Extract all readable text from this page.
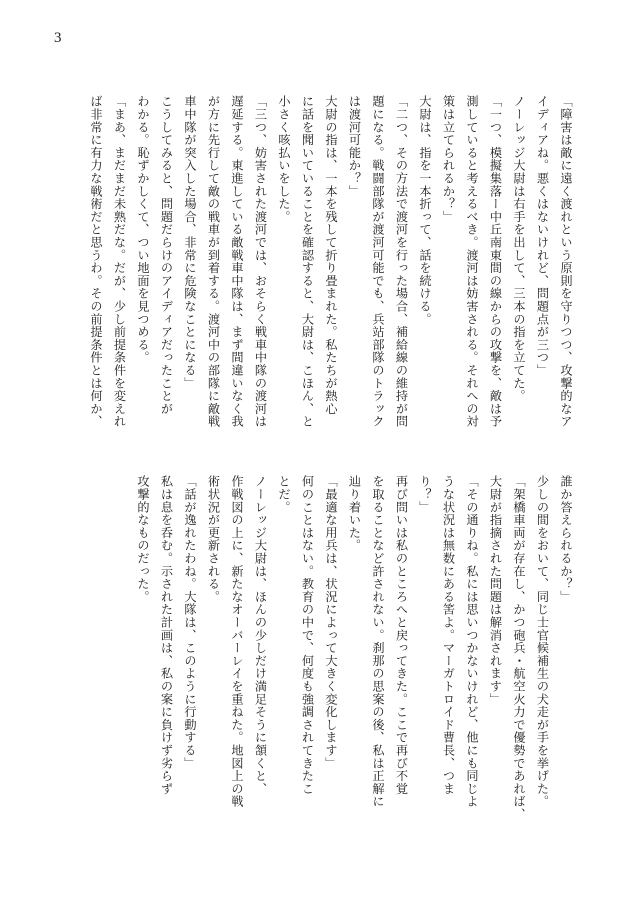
3
「障害は敵に遠く渡れという原則を守りつつ、攻撃的なア
イディアね。悪くはないけれど、問題点が三つ」
ノーレッジ大尉は右手を出して、三本の指を立てた。
「一つ、模擬集落ー中丘南東間の線からの攻撃を、敵は予
測していると考えるべき。渡河は妨害される。それへの対
策は立てられるか？」
大尉は、指を一本折って、話を続ける。
「二つ、その方法で渡河を行った場合、補給線の維持が問
題になる。戦闘部隊が渡河可能でも、兵站部隊のトラック
は渡河可能か？」
大尉の指は、一本を残して折り畳まれた。私たちが熱心
に話を聞いていることを確認すると、大尉は、こほん、と
小さく咳払いをした。
「三つ、妨害された渡河では、おそらく戦車中隊の渡河は
遅延する。東進している敵戦車中隊は、まず間違いなく我
が方に先行して敵の戦車が到着する。渡河中の部隊に敵戦
車中隊が突入した場合、非常に危険なことになる」
こうしてみると、問題だらけのアイディアだったことが
わかる。恥ずかしくて、つい地面を見つめる。
「まあ、まだまだ未熟だな。だが、少し前提条件を変えれ
ば非常に有力な戦術だと思うわ。その前提条件とは何か、
誰か答えられるか？」
少しの間をおいて、同じ士官候補生の犬走が手を挙げた。
「架橋車両が存在し、かつ砲兵・航空火力で優勢であれば、
大尉が指摘された問題は解消されます」
「その通りね。私には思いつかないけれど、他にも同じよ
うな状況は無数にある筈よ。マーガトロイド曹長、つま
り？」
再び問いは私のところへと戻ってきた。ここで再び不覚
を取ることなど許されない。刹那の思案の後、私は正解に
辿り着いた。
「最適な用兵は、状況によって大きく変化します」
何のことはない。教育の中で、何度も強調されてきたこ
とだ。
ノーレッジ大尉は、ほんの少しだけ満足そうに頷くと、
作戦図の上に、新たなオーバーレイを重ねた。地図上の戦
術状況が更新される。
「話が逸れたわね。大隊は、このように行動する」
私は息を呑む。示された計画は、私の案に負けず劣らず
攻撃的なものだった。
